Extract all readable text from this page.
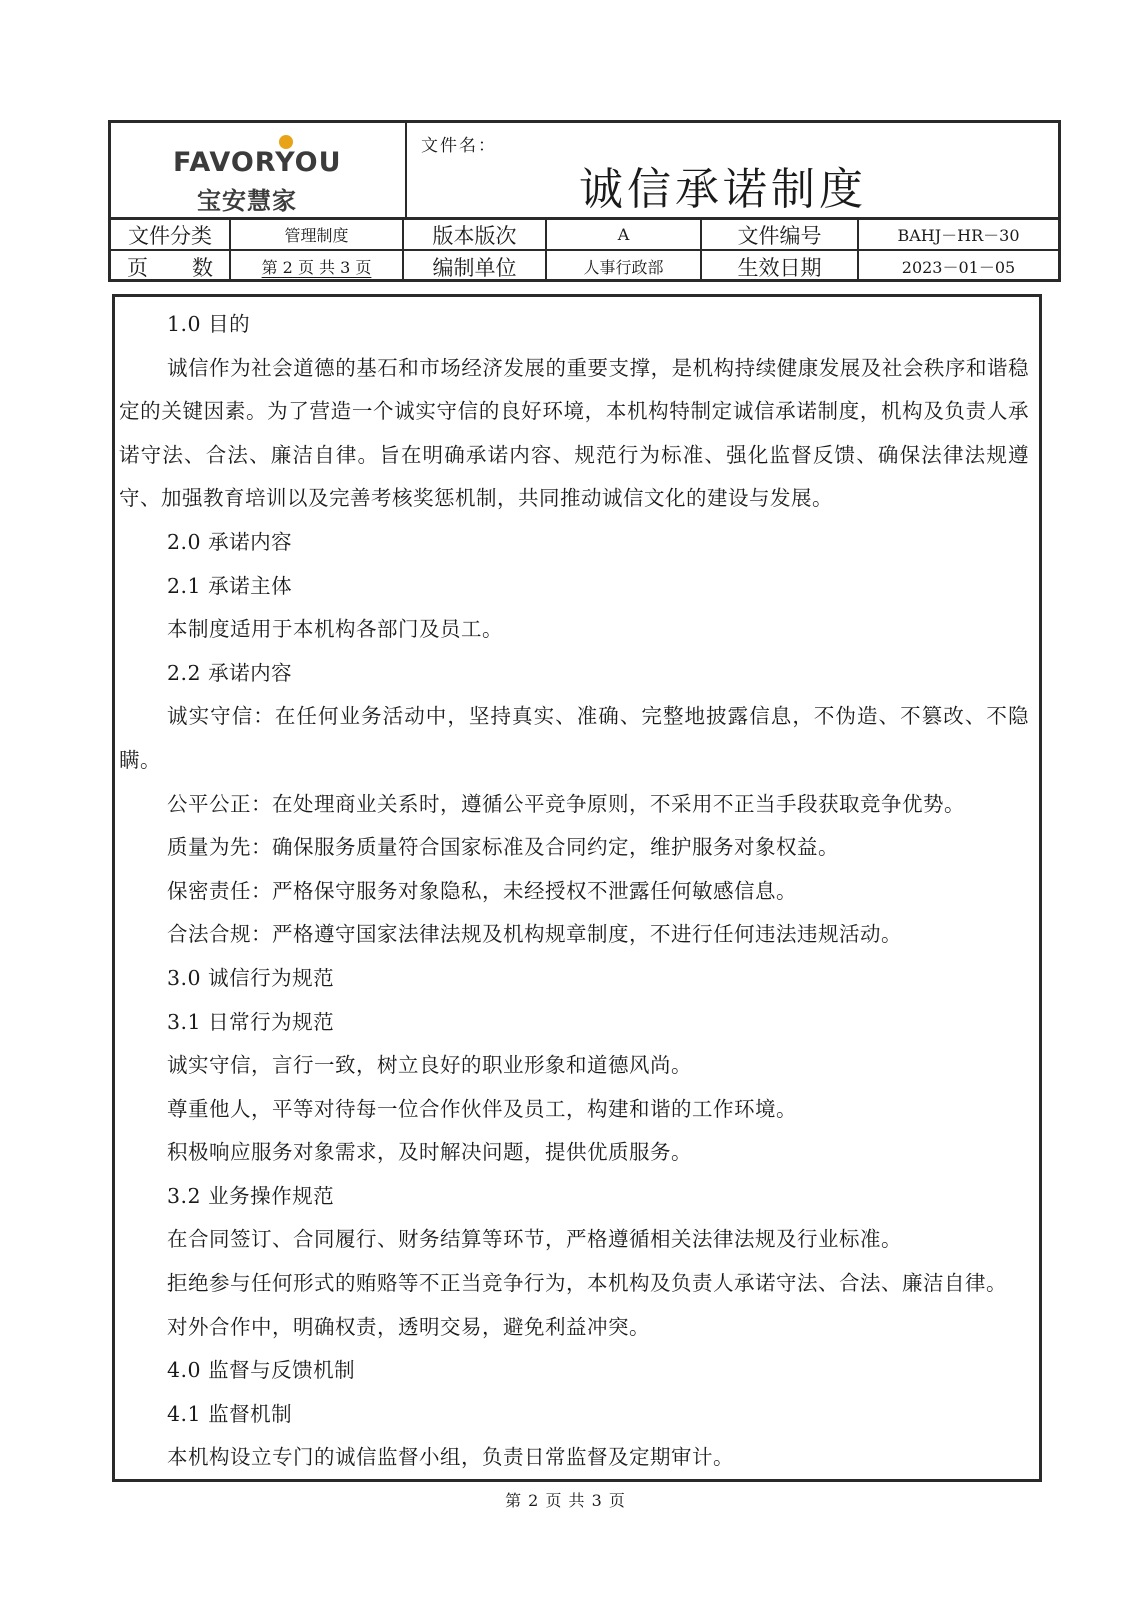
FAVORYOU
宝安慧家
文件名：
诚信承诺制度
文件分类	管理制度	版本版次	A	文件编号	BAHJ－HR－30
页 数	第 2 页 共 3 页	编制单位	人事行政部	生效日期	2023－01－05

1.0 目的

诚信作为社会道德的基石和市场经济发展的重要支撑，是机构持续健康发展及社会秩序和谐稳定的关键因素。为了营造一个诚实守信的良好环境，本机构特制定诚信承诺制度，机构及负责人承诺守法、合法、廉洁自律。旨在明确承诺内容、规范行为标准、强化监督反馈、确保法律法规遵守、加强教育培训以及完善考核奖惩机制，共同推动诚信文化的建设与发展。

2.0 承诺内容

2.1 承诺主体

本制度适用于本机构各部门及员工。

2.2 承诺内容

诚实守信：在任何业务活动中，坚持真实、准确、完整地披露信息，不伪造、不篡改、不隐瞒。

公平公正：在处理商业关系时，遵循公平竞争原则，不采用不正当手段获取竞争优势。

质量为先：确保服务质量符合国家标准及合同约定，维护服务对象权益。

保密责任：严格保守服务对象隐私，未经授权不泄露任何敏感信息。

合法合规：严格遵守国家法律法规及机构规章制度，不进行任何违法违规活动。

3.0 诚信行为规范

3.1 日常行为规范

诚实守信，言行一致，树立良好的职业形象和道德风尚。

尊重他人，平等对待每一位合作伙伴及员工，构建和谐的工作环境。

积极响应服务对象需求，及时解决问题，提供优质服务。

3.2 业务操作规范

在合同签订、合同履行、财务结算等环节，严格遵循相关法律法规及行业标准。

拒绝参与任何形式的贿赂等不正当竞争行为，本机构及负责人承诺守法、合法、廉洁自律。

对外合作中，明确权责，透明交易，避免利益冲突。

4.0 监督与反馈机制

4.1 监督机制

本机构设立专门的诚信监督小组，负责日常监督及定期审计。

第 2 页 共 3 页
